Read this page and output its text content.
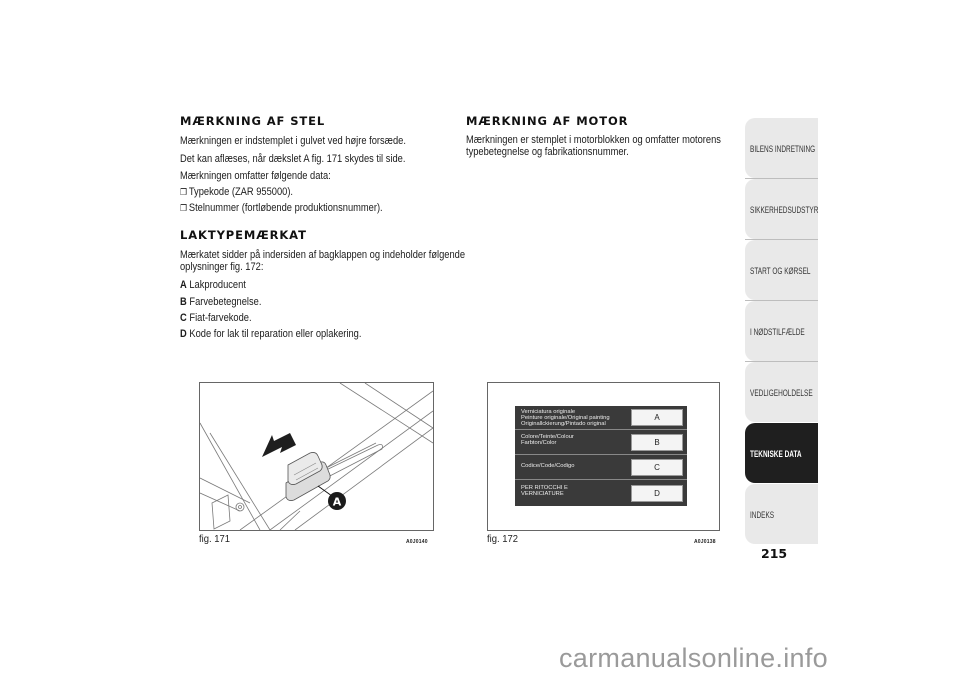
MÆRKNING AF STEL
Mærkningen er indstemplet i gulvet ved højre forsæde.
Det kan aflæses, når dækslet A fig. 171 skydes til side.
Mærkningen omfatter følgende data:
❐ Typekode (ZAR 955000).
❐ Stelnummer (fortløbende produktionsnummer).
LAKTYPEMÆRKAT
Mærkatet sidder på indersiden af bagklappen og indeholder følgende
oplysninger fig. 172:
A Lakproducent
B Farvebetegnelse.
C Fiat-farvekode.
D Kode for lak til reparation eller oplakering.
MÆRKNING AF MOTOR
Mærkningen er stemplet i motorblokken og omfatter motorens
typebetegnelse og fabrikationsnummer.
A
fig. 171	A0J0140
Verniciatura originale
Peinture originale/Original painting
Originallckierung/Pintado original
A
Colore/Teinte/Colour
Farbton/Color	B
Codice/Code/Codigo	C
PER RITOCCHI E
VERNICIATURE	D
fig. 172	A0J0138
BILENS INDRETNING
SIKKERHEDSUDSTYR
START OG KØRSEL
I NØDSTILFÆLDE
VEDLIGEHOLDELSE
TEKNISKE DATA
INDEKS
215
carmanualsonline.info
